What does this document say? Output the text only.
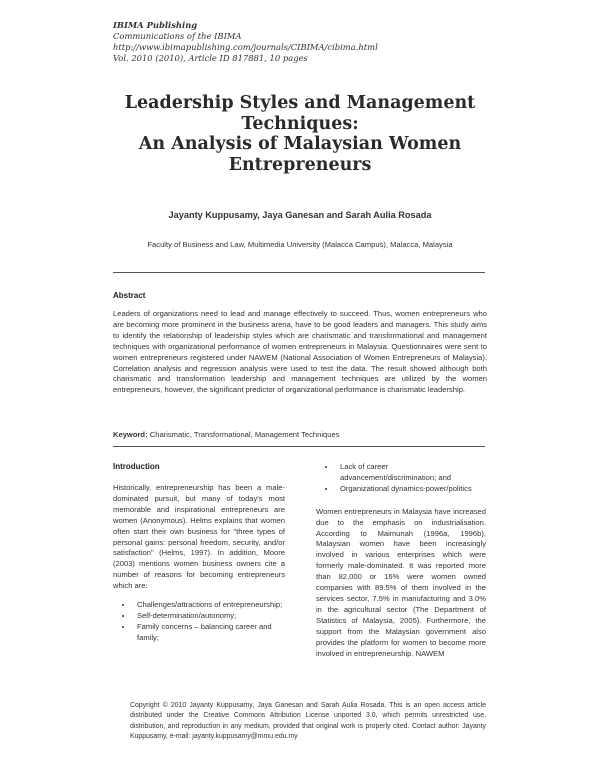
IBIMA Publishing
Communications of the IBIMA
http://www.ibimapublishing.com/journals/CIBIMA/cibima.html
Vol. 2010 (2010), Article ID 817881, 10 pages
Leadership Styles and Management
Techniques:
An Analysis of Malaysian Women
Entrepreneurs
Jayanty Kuppusamy, Jaya Ganesan and Sarah Aulia Rosada
Faculty of Business and Law, Multimedia University (Malacca Campus), Malacca, Malaysia
Abstract
Leaders of organizations need to lead and manage effectively to succeed. Thus, women entrepreneurs who are becoming more prominent in the business arena, have to be good leaders and managers. This study aims to identify the relationship of leadership styles which are charismatic and transformational and management techniques with organizational performance of women entrepreneurs in Malaysia. Questionnaires were sent to women entrepreneurs registered under NAWEM (National Association of Women Entrepreneurs of Malaysia). Correlation analysis and regression analysis were used to test the data. The result showed although both charismatic and transformation leadership and management techniques are utilized by the women entrepreneurs, however, the significant predictor of organizational performance is charismatic leadership.
Keyword: Charismatic, Transformational, Management Techniques
Introduction

Historically, entrepreneurship has been a male-dominated pursuit, but many of today's most memorable and inspirational entrepreneurs are women (Anonymous). Helms explains that women often start their own business for "three types of personal gains: personal freedom, security, and/or satisfaction" (Helms, 1997). In addition, Moore (2003) mentions women business owners cite a number of reasons for becoming entrepreneurs which are:

• Challenges/attractions of entrepreneurship;
• Self-determination/autonomy;
• Family concerns – balancing career and family;
• Lack of career advancement/discrimination; and
• Organizational dynamics-power/politics

Women entrepreneurs in Malaysia have increased due to the emphasis on industrialisation. According to Maimunah (1996a, 1996b), Malaysian women have been increasingly involved in various enterprises which were formerly male-dominated. It was reported more than 82,000 or 16% were women owned companies with 89.5% of them involved in the services sector, 7.5% in manufacturing and 3.0% in the agricultural sector (The Department of Statistics of Malaysia, 2005). Furthermore, the support from the Malaysian government also provides the platform for women to become more involved in entrepreneurship. NAWEM

Copyright © 2010 Jayanty Kuppusamy, Jaya Ganesan and Sarah Aulia Rosada. This is an open access article distributed under the Creative Commons Attribution License unported 3.0, which permits unrestricted use, distribution, and reproduction in any medium, provided that original work is properly cited. Contact author: Jayanty Kuppusamy, e-mail: jayanty.kuppusamy@mmu.edu.my
